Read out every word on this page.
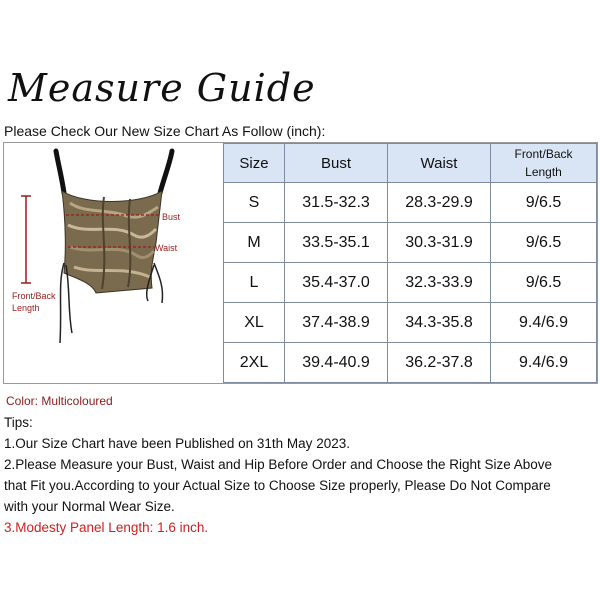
Measure Guide
Please Check Our New Size Chart As Follow (inch):
Bust
Waist
Front/Back
Length
Size	Bust	Waist	Front/Back
Length

S	31.5-32.3	28.3-29.9	9/6.5
M	33.5-35.1	30.3-31.9	9/6.5
L	35.4-37.0	32.3-33.9	9/6.5
XL	37.4-38.9	34.3-35.8	9.4/6.9
2XL	39.4-40.9	36.2-37.8	9.4/6.9
Color: Multicoloured
Tips:
1.Our Size Chart have been Published on 31th May 2023.
2.Please Measure your Bust, Waist and Hip Before Order and Choose the Right Size Above
that Fit you.According to your Actual Size to Choose Size properly, Please Do Not Compare
with your Normal Wear Size.
3.Modesty Panel Length: 1.6 inch.
